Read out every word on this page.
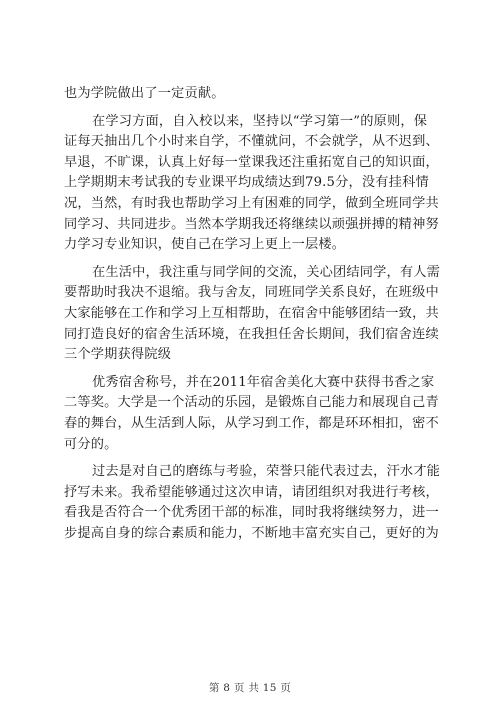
也为学院做出了一定贡献。
在学习方面，自入校以来，坚持以“学习第一”的原则，保
证每天抽出几个小时来自学，不懂就问，不会就学，从不迟到、
早退，不旷课，认真上好每一堂课我还注重拓宽自己的知识面，
上学期期末考试我的专业课平均成绩达到79.5分，没有挂科情
况，当然，有时我也帮助学习上有困难的同学，做到全班同学共
同学习、共同进步。当然本学期我还将继续以顽强拼搏的精神努
力学习专业知识，使自己在学习上更上一层楼。
在生活中，我注重与同学间的交流，关心团结同学，有人需
要帮助时我决不退缩。我与舍友，同班同学关系良好，在班级中
大家能够在工作和学习上互相帮助，在宿舍中能够团结一致，共
同打造良好的宿舍生活环境，在我担任舍长期间，我们宿舍连续
三个学期获得院级
优秀宿舍称号，并在2011年宿舍美化大赛中获得书香之家
二等奖。大学是一个活动的乐园，是锻炼自己能力和展现自己青
春的舞台，从生活到人际，从学习到工作，都是环环相扣，密不
可分的。
过去是对自己的磨练与考验，荣誉只能代表过去，汗水才能
抒写未来。我希望能够通过这次申请，请团组织对我进行考核，
看我是否符合一个优秀团干部的标准，同时我将继续努力，进一
步提高自身的综合素质和能力，不断地丰富充实自己，更好的为
第 8 页 共 15 页
